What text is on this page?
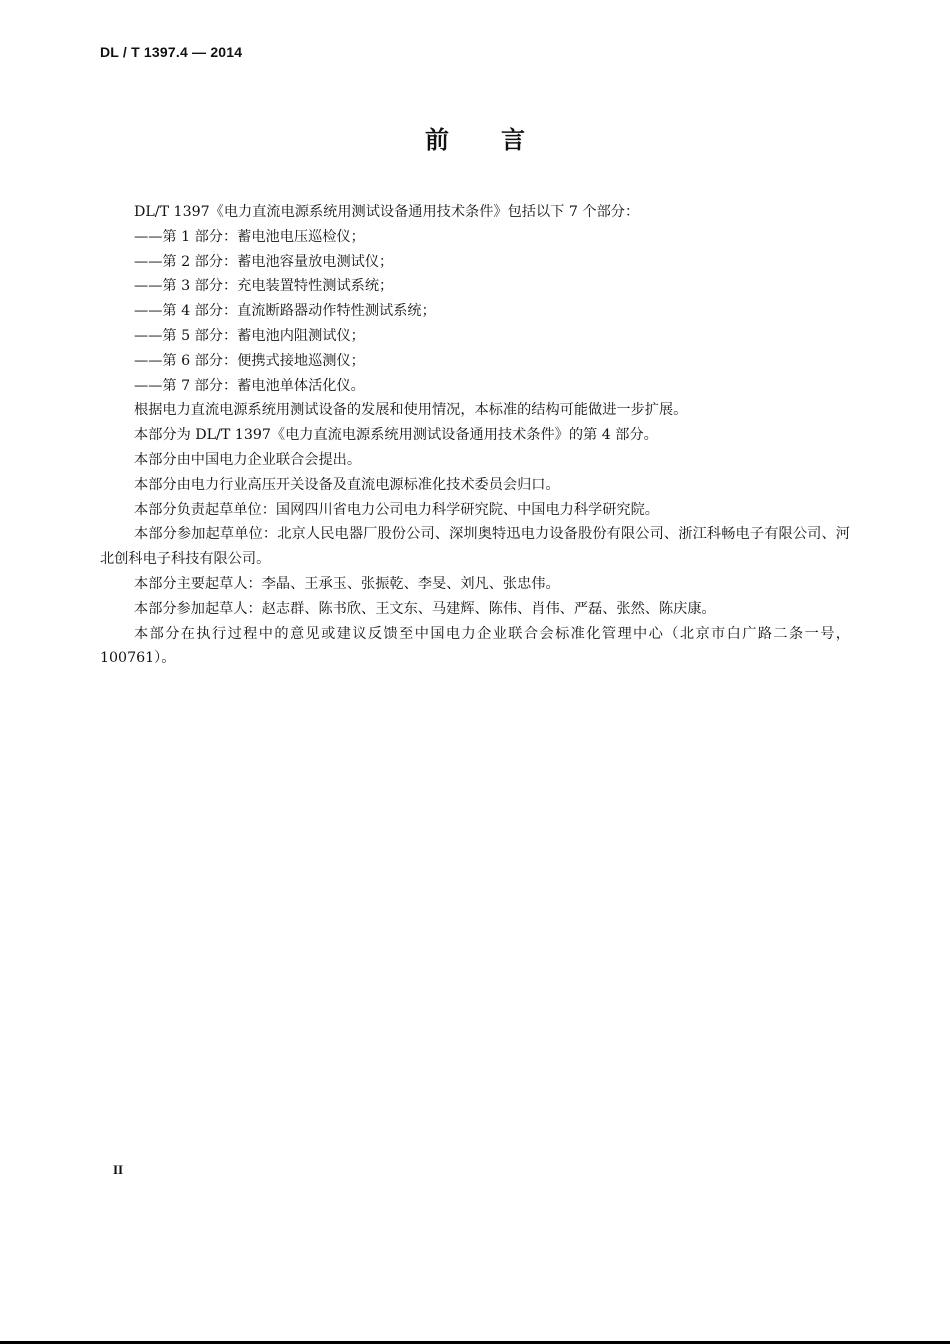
DL / T 1397.4 — 2014
前言

DL/T 1397《电力直流电源系统用测试设备通用技术条件》包括以下 7 个部分：

——第 1 部分：蓄电池电压巡检仪；

——第 2 部分：蓄电池容量放电测试仪；

——第 3 部分：充电装置特性测试系统；

——第 4 部分：直流断路器动作特性测试系统；

——第 5 部分：蓄电池内阻测试仪；

——第 6 部分：便携式接地巡测仪；

——第 7 部分：蓄电池单体活化仪。

根据电力直流电源系统用测试设备的发展和使用情况，本标准的结构可能做进一步扩展。

本部分为 DL/T 1397《电力直流电源系统用测试设备通用技术条件》的第 4 部分。

本部分由中国电力企业联合会提出。

本部分由电力行业高压开关设备及直流电源标准化技术委员会归口。

本部分负责起草单位：国网四川省电力公司电力科学研究院、中国电力科学研究院。

本部分参加起草单位：北京人民电器厂股份公司、深圳奥特迅电力设备股份有限公司、浙江科畅电子有限公司、河北创科电子科技有限公司。

本部分主要起草人：李晶、王承玉、张振乾、李旻、刘凡、张忠伟。

本部分参加起草人：赵志群、陈书欣、王文东、马建辉、陈伟、肖伟、严磊、张然、陈庆康。

本部分在执行过程中的意见或建议反馈至中国电力企业联合会标准化管理中心（北京市白广路二条一号，100761）。

II
